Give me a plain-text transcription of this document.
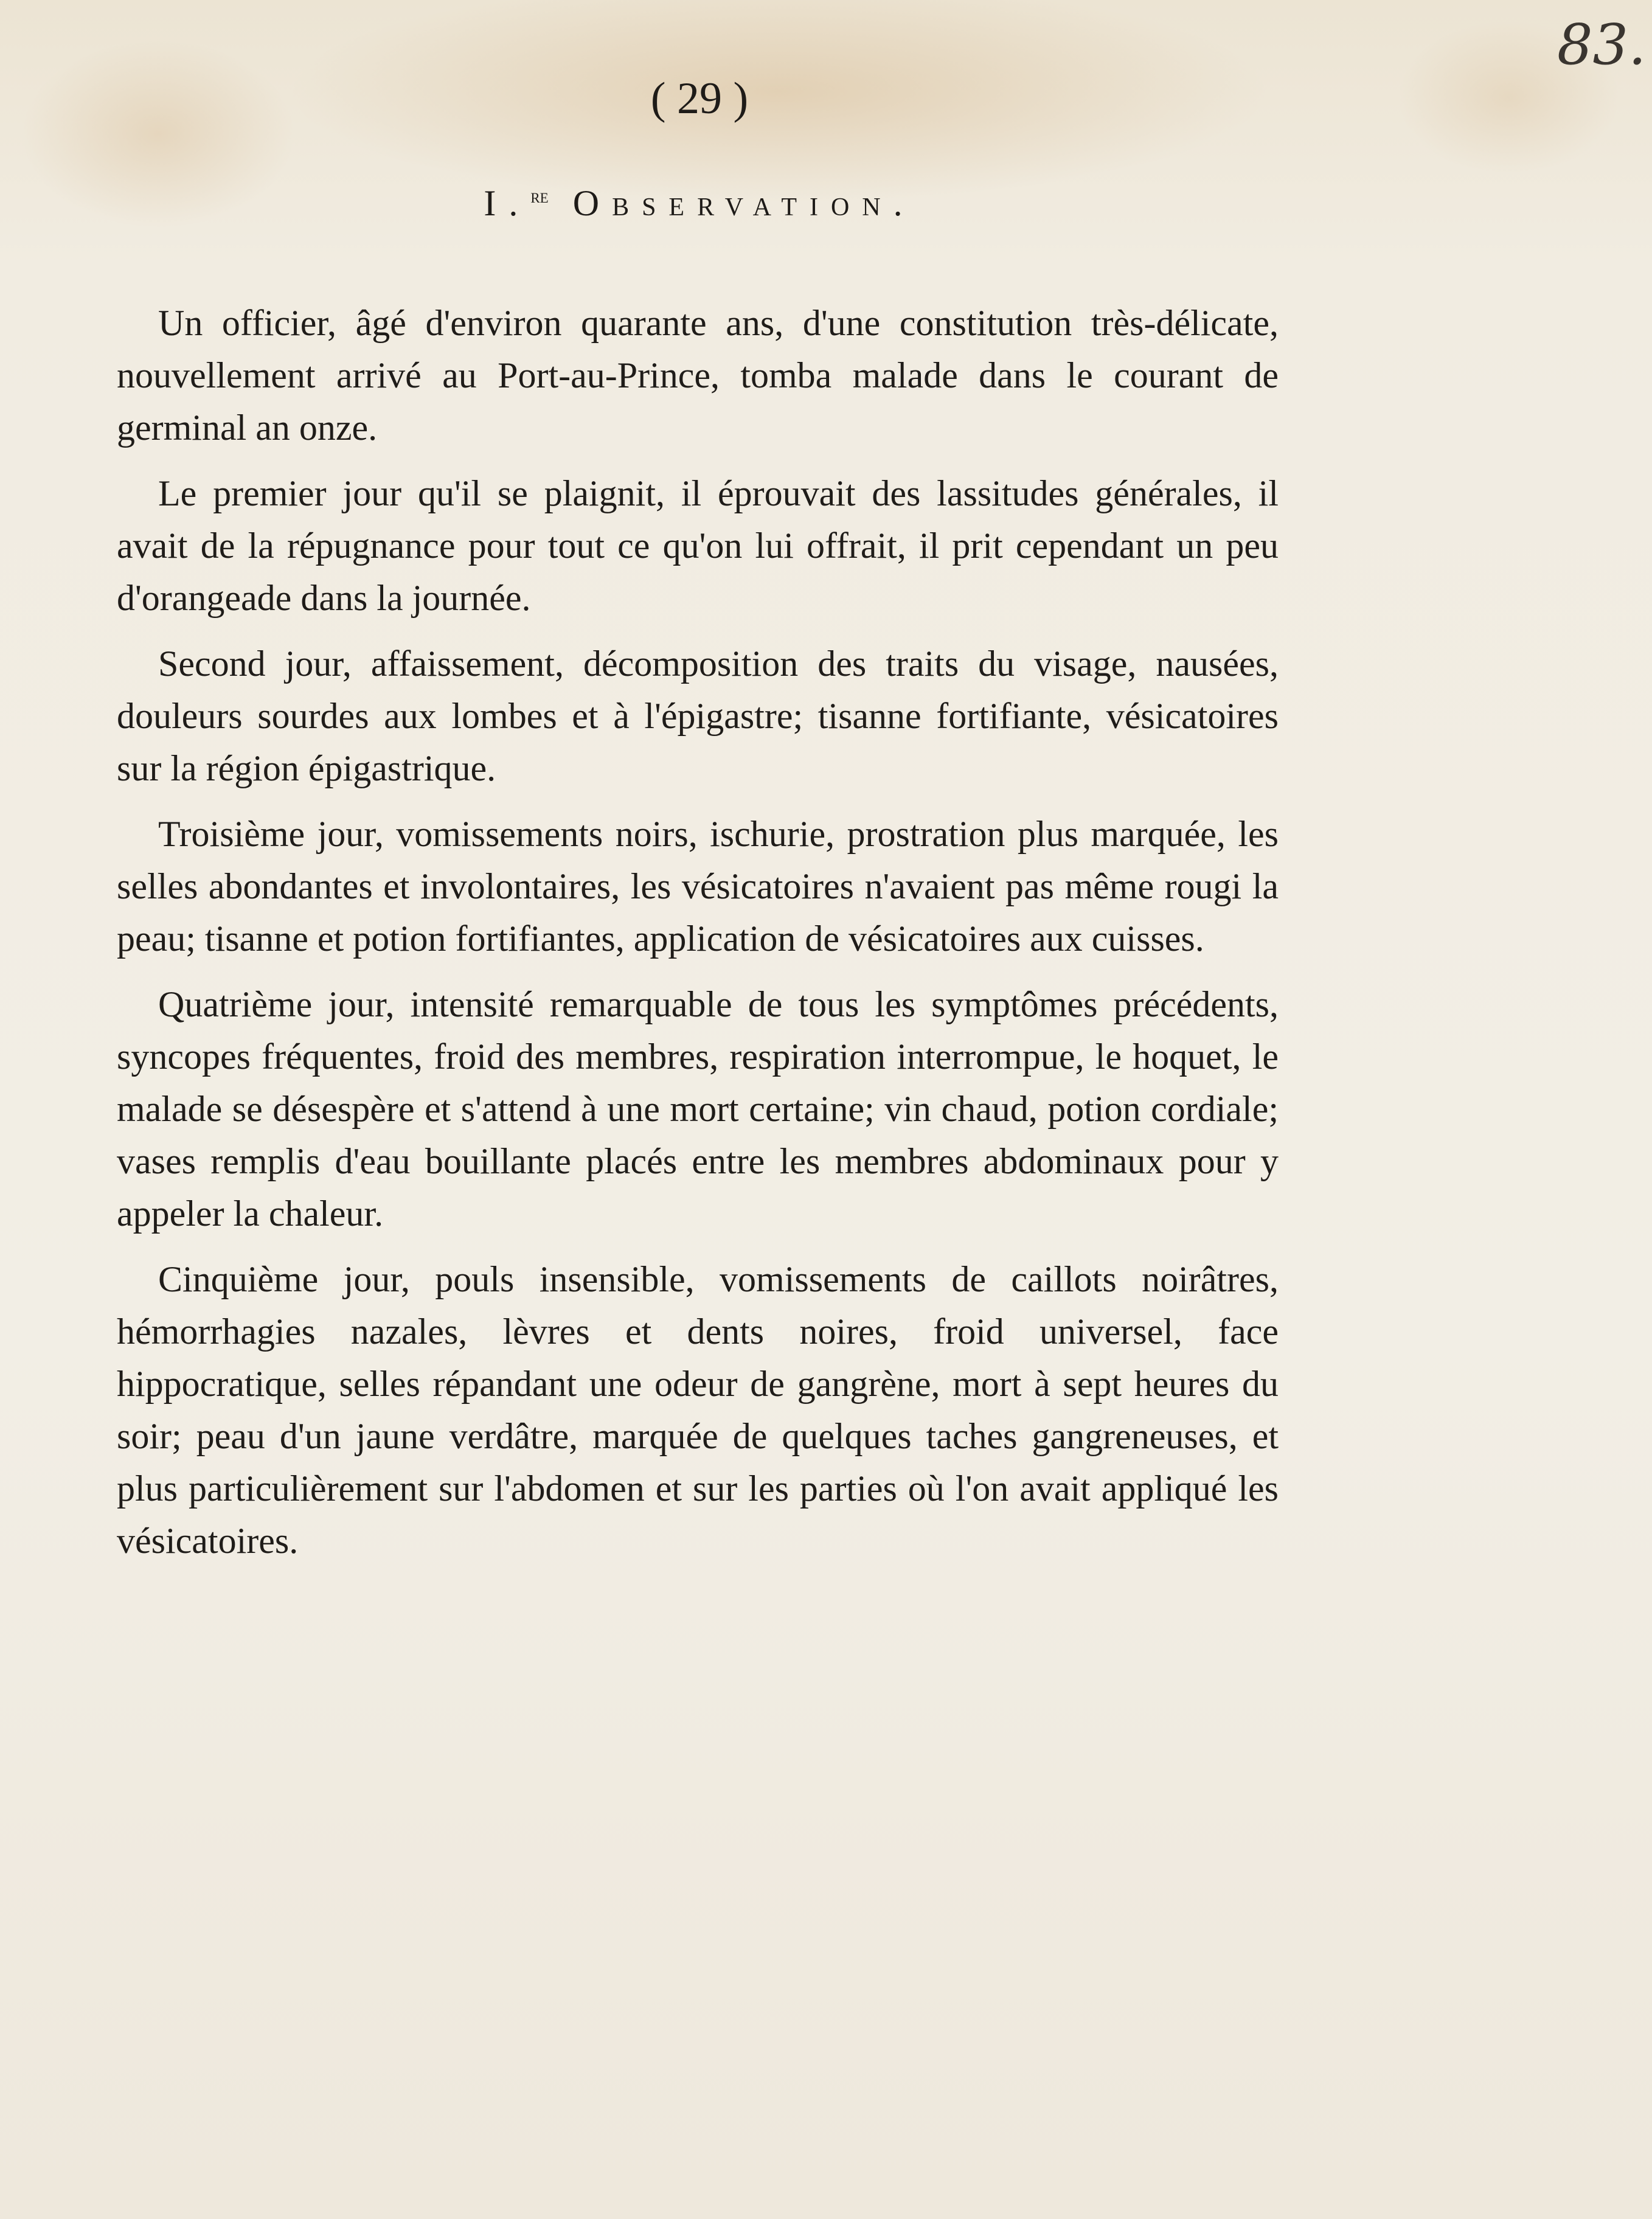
83.
( 29 )
I.$^{re}$ Observation.

Un officier, âgé d'environ quarante ans, d'une constitution très-délicate, nouvellement arrivé au Port-au-Prince, tomba malade dans le courant de germinal an onze.

Le premier jour qu'il se plaignit, il éprouvait des lassitudes générales, il avait de la répugnance pour tout ce qu'on lui offrait, il prit cependant un peu d'orangeade dans la journée.

Second jour, affaissement, décomposition des traits du visage, nausées, douleurs sourdes aux lombes et à l'épigastre; tisanne fortifiante, vésicatoires sur la région épigastrique.

Troisième jour, vomissements noirs, ischurie, prostration plus marquée, les selles abondantes et involontaires, les vésicatoires n'avaient pas même rougi la peau; tisanne et potion fortifiantes, application de vésicatoires aux cuisses.

Quatrième jour, intensité remarquable de tous les symptômes précédents, syncopes fréquentes, froid des membres, respiration interrompue, le hoquet, le malade se désespère et s'attend à une mort certaine; vin chaud, potion cordiale; vases remplis d'eau bouillante placés entre les membres abdominaux pour y appeler la chaleur.

Cinquième jour, pouls insensible, vomissements de caillots noirâtres, hémorrhagies nazales, lèvres et dents noires, froid universel, face hippocratique, selles répandant une odeur de gangrène, mort à sept heures du soir; peau d'un jaune verdâtre, marquée de quelques taches gangreneuses, et plus particulièrement sur l'abdomen et sur les parties où l'on avait appliqué les vésicatoires.
